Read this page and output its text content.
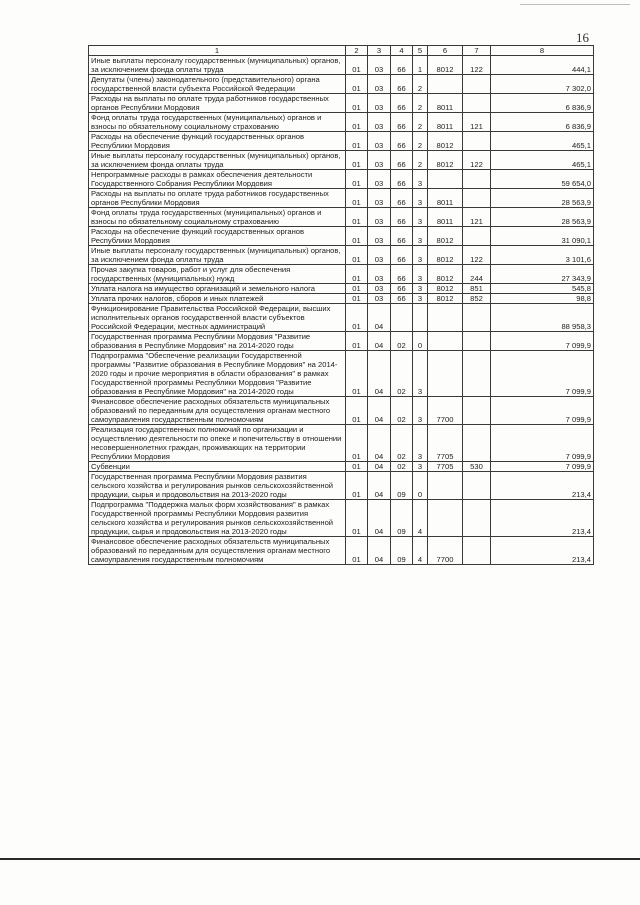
16
1	2	3	4	5	6	7	8
Иные выплаты персоналу государственных (муниципальных) органов, за исключением фонда оплаты труда	01	03	66	1	8012	122	444,1
Депутаты (члены) законодательного (представительного) органа государственной власти субъекта Российской Федерации	01	03	66	2			7 302,0
Расходы на выплаты по оплате труда работников государственных органов Республики Мордовия	01	03	66	2	8011		6 836,9
Фонд оплаты труда государственных (муниципальных) органов и взносы по обязательному социальному страхованию	01	03	66	2	8011	121	6 836,9
Расходы на обеспечение функций государственных органов Республики Мордовия	01	03	66	2	8012		465,1
Иные выплаты персоналу государственных (муниципальных) органов, за исключением фонда оплаты труда	01	03	66	2	8012	122	465,1
Непрограммные расходы в рамках обеспечения деятельности Государственного Собрания Республики Мордовия	01	03	66	3			59 654,0
Расходы на выплаты по оплате труда работников государственных органов Республики Мордовия	01	03	66	3	8011		28 563,9
Фонд оплаты труда государственных (муниципальных) органов и взносы по обязательному социальному страхованию	01	03	66	3	8011	121	28 563,9
Расходы на обеспечение функций государственных органов Республики Мордовия	01	03	66	3	8012		31 090,1
Иные выплаты персоналу государственных (муниципальных) органов, за исключением фонда оплаты труда	01	03	66	3	8012	122	3 101,6
Прочая закупка товаров, работ и услуг для обеспечения государственных (муниципальных) нужд	01	03	66	3	8012	244	27 343,9
Уплата налога на имущество организаций и земельного налога	01	03	66	3	8012	851	545,8
Уплата прочих налогов, сборов и иных платежей	01	03	66	3	8012	852	98,8
Функционирование Правительства Российской Федерации, высших исполнительных органов государственной власти субъектов Российской Федерации, местных администраций	01	04					88 958,3
Государственная программа Республики Мордовия "Развитие образования в Республике Мордовия" на 2014-2020 годы	01	04	02	0			7 099,9
Подпрограмма "Обеспечение реализации Государственной программы "Развитие образования в Республике Мордовия" на 2014-2020 годы и прочие мероприятия в области образования" в рамках Государственной программы Республики Мордовия "Развитие образования в Республике Мордовия" на 2014-2020 годы	01	04	02	3			7 099,9
Финансовое обеспечение расходных обязательств муниципальных образований по переданным для осуществления органам местного самоуправления государственным полномочиям	01	04	02	3	7700		7 099,9
Реализация государственных полномочий по организации и осуществлению деятельности по опеке и попечительству в отношении несовершеннолетних граждан, проживающих на территории Республики Мордовия	01	04	02	3	7705		7 099,9
Субвенции	01	04	02	3	7705	530	7 099,9
Государственная программа Республики Мордовия развития сельского хозяйства и регулирования рынков сельскохозяйственной продукции, сырья и продовольствия на 2013-2020 годы	01	04	09	0			213,4
Подпрограмма "Поддержка малых форм хозяйствования" в рамках Государственной программы Республики Мордовия развития сельского хозяйства и регулирования рынков сельскохозяйственной продукции, сырья и продовольствия на 2013-2020 годы	01	04	09	4			213,4
Финансовое обеспечение расходных обязательств муниципальных образований по переданным для осуществления органам местного самоуправления государственным полномочиям	01	04	09	4	7700		213,4
